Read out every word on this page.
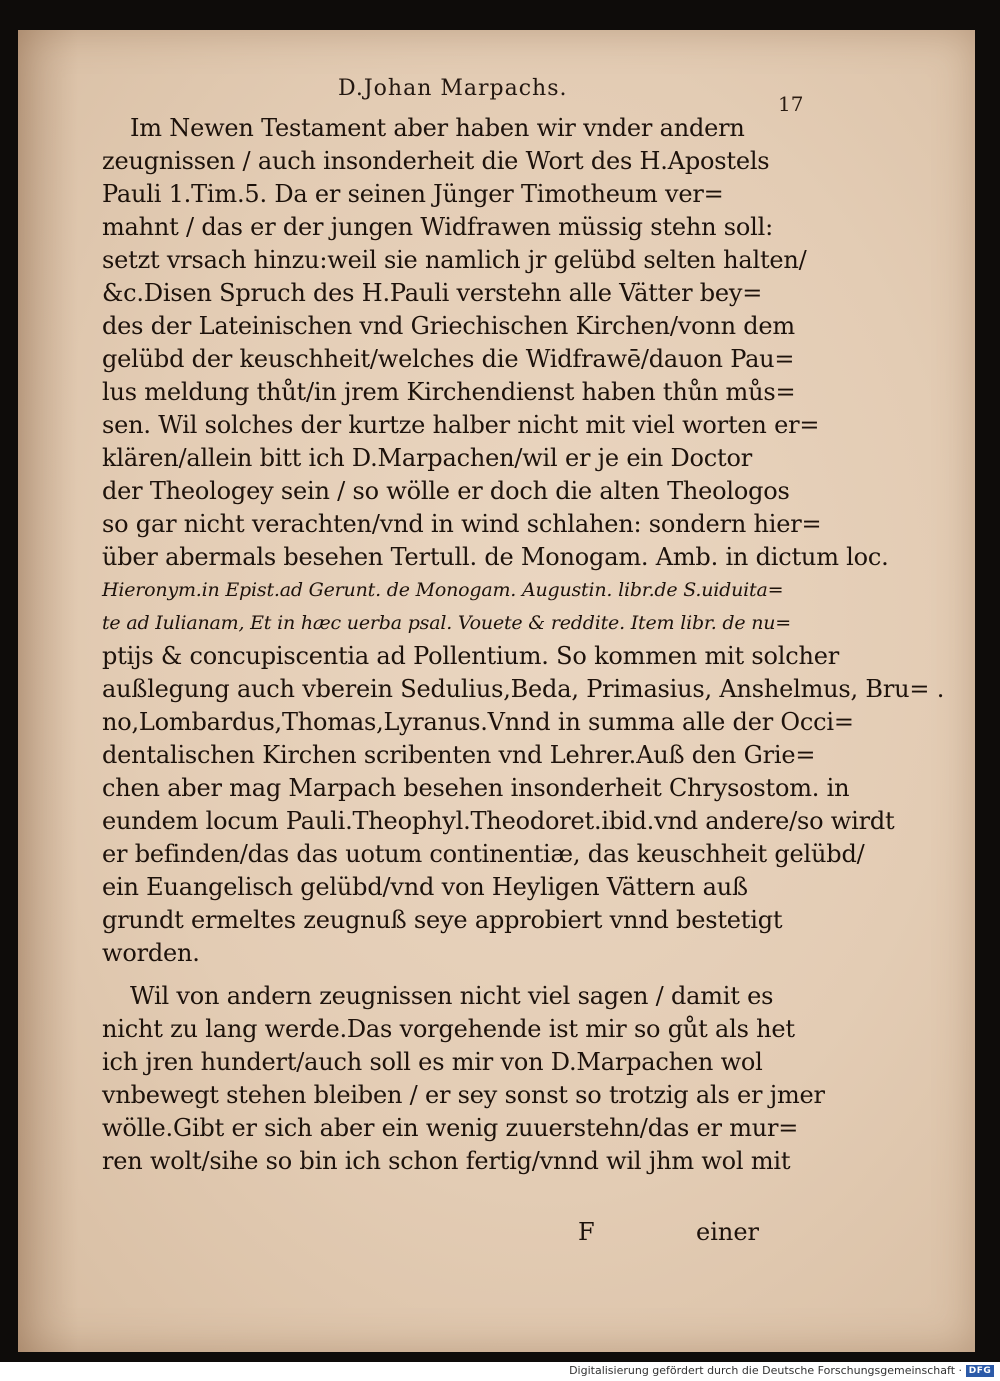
D.Johan Marpachs.
17
Im Newen Testament aber haben wir vnder andern
zeugnissen / auch insonderheit die Wort des H.Apostels
Pauli 1.Tim.5. Da er seinen Jünger Timotheum ver=
mahnt / das er der jungen Widfrawen müssig stehn soll:
setzt vrsach hinzu:weil sie namlich jr gelübd selten halten/
&c.Disen Spruch des H.Pauli verstehn alle Vätter bey=
des der Lateinischen vnd Griechischen Kirchen/vonn dem
gelübd der keuschheit/welches die Widfrawē/dauon Pau=
lus meldung thůt/in jrem Kirchendienst haben thůn můs=
sen. Wil solches der kurtze halber nicht mit viel worten er=
klären/allein bitt ich D.Marpachen/wil er je ein Doctor
der Theologey sein / so wölle er doch die alten Theologos
so gar nicht verachten/vnd in wind schlahen: sondern hier=
über abermals besehen Tertull. de Monogam. Amb. in dictum loc.
Hieronym.in Epist.ad Gerunt. de Monogam. Augustin. libr.de S.uiduita=
te ad Iulianam, Et in hæc uerba psal. Vouete & reddite. Item libr. de nu=
ptijs & concupiscentia ad Pollentium. So kommen mit solcher
außlegung auch vberein Sedulius,Beda, Primasius, Anshelmus, Bru= .
no,Lombardus,Thomas,Lyranus.Vnnd in summa alle der Occi=
dentalischen Kirchen scribenten vnd Lehrer.Auß den Grie=
chen aber mag Marpach besehen insonderheit Chrysostom. in
eundem locum Pauli.Theophyl.Theodoret.ibid.vnd andere/so wirdt
er befinden/das das uotum continentiæ, das keuschheit gelübd/
ein Euangelisch gelübd/vnd von Heyligen Vättern auß
grundt ermeltes zeugnuß seye approbiert vnnd bestetigt
worden.
Wil von andern zeugnissen nicht viel sagen / damit es
nicht zu lang werde.Das vorgehende ist mir so gůt als het
ich jren hundert/auch soll es mir von D.Marpachen wol
vnbewegt stehen bleiben / er sey sonst so trotzig als er jmer
wölle.Gibt er sich aber ein wenig zuuerstehn/das er mur=
ren wolt/sihe so bin ich schon fertig/vnnd wil jhm wol mit
F	einer
Digitalisierung gefördert durch die Deutsche Forschungsgemeinschaft · DFG
